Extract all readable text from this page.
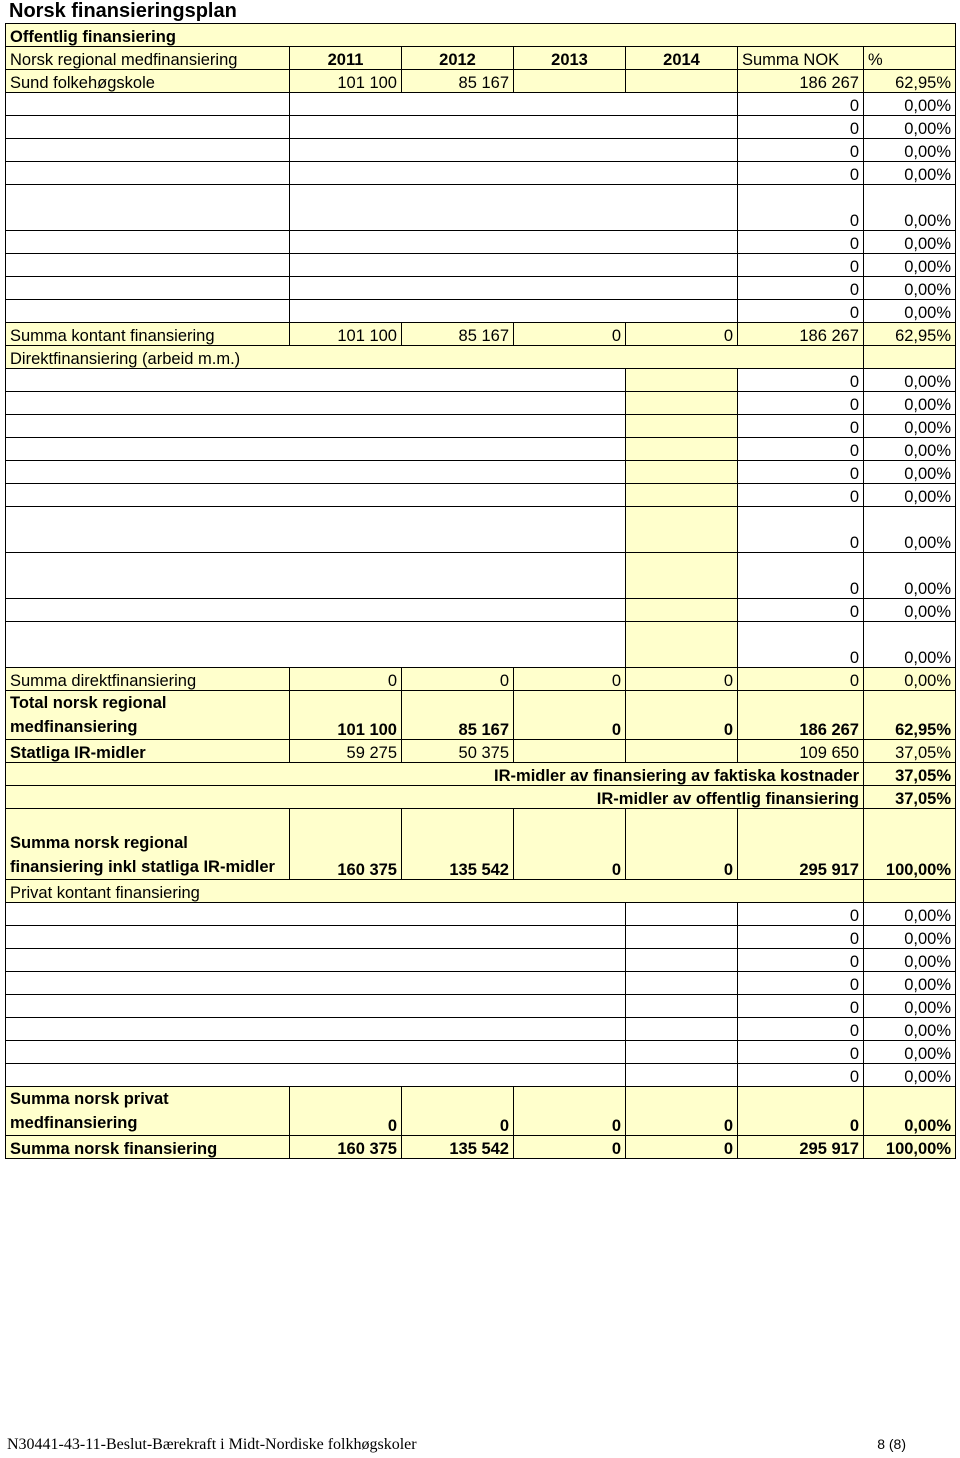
Norsk finansieringsplan
Offentlig finansiering						
Norsk regional medfinansiering	2011	2012	2013	2014	Summa NOK	%
Sund folkehøgskole	101 100	85 167			186 267	62,95%
					0	0,00%
					0	0,00%
					0	0,00%
					0	0,00%
					0	0,00%
					0	0,00%
					0	0,00%
					0	0,00%
					0	0,00%
Summa kontant finansiering	101 100	85 167	0	0	186 267	62,95%
Direktfinansiering (arbeid m.m.)						
					0	0,00%
					0	0,00%
					0	0,00%
					0	0,00%
					0	0,00%
					0	0,00%
					0	0,00%
					0	0,00%
					0	0,00%
					0	0,00%
Summa direktfinansiering	0	0	0	0	0	0,00%
Total norsk regional medfinansiering	101 100	85 167	0	0	186 267	62,95%
Statliga IR-midler	59 275	50 375			109 650	37,05%
IR-midler av finansiering av faktiska kostnader						37,05%
IR-midler av offentlig finansiering						37,05%
Summa norsk regional finansiering inkl statliga IR-midler	160 375	135 542	0	0	295 917	100,00%
Privat kontant finansiering						
					0	0,00%
					0	0,00%
					0	0,00%
					0	0,00%
					0	0,00%
					0	0,00%
					0	0,00%
					0	0,00%
Summa norsk privat medfinansiering	0	0	0	0	0	0,00%
Summa norsk finansiering	160 375	135 542	0	0	295 917	100,00%
N30441-43-11-Beslut-Bærekraft i Midt-Nordiske folkhøgskoler	8 (8)
